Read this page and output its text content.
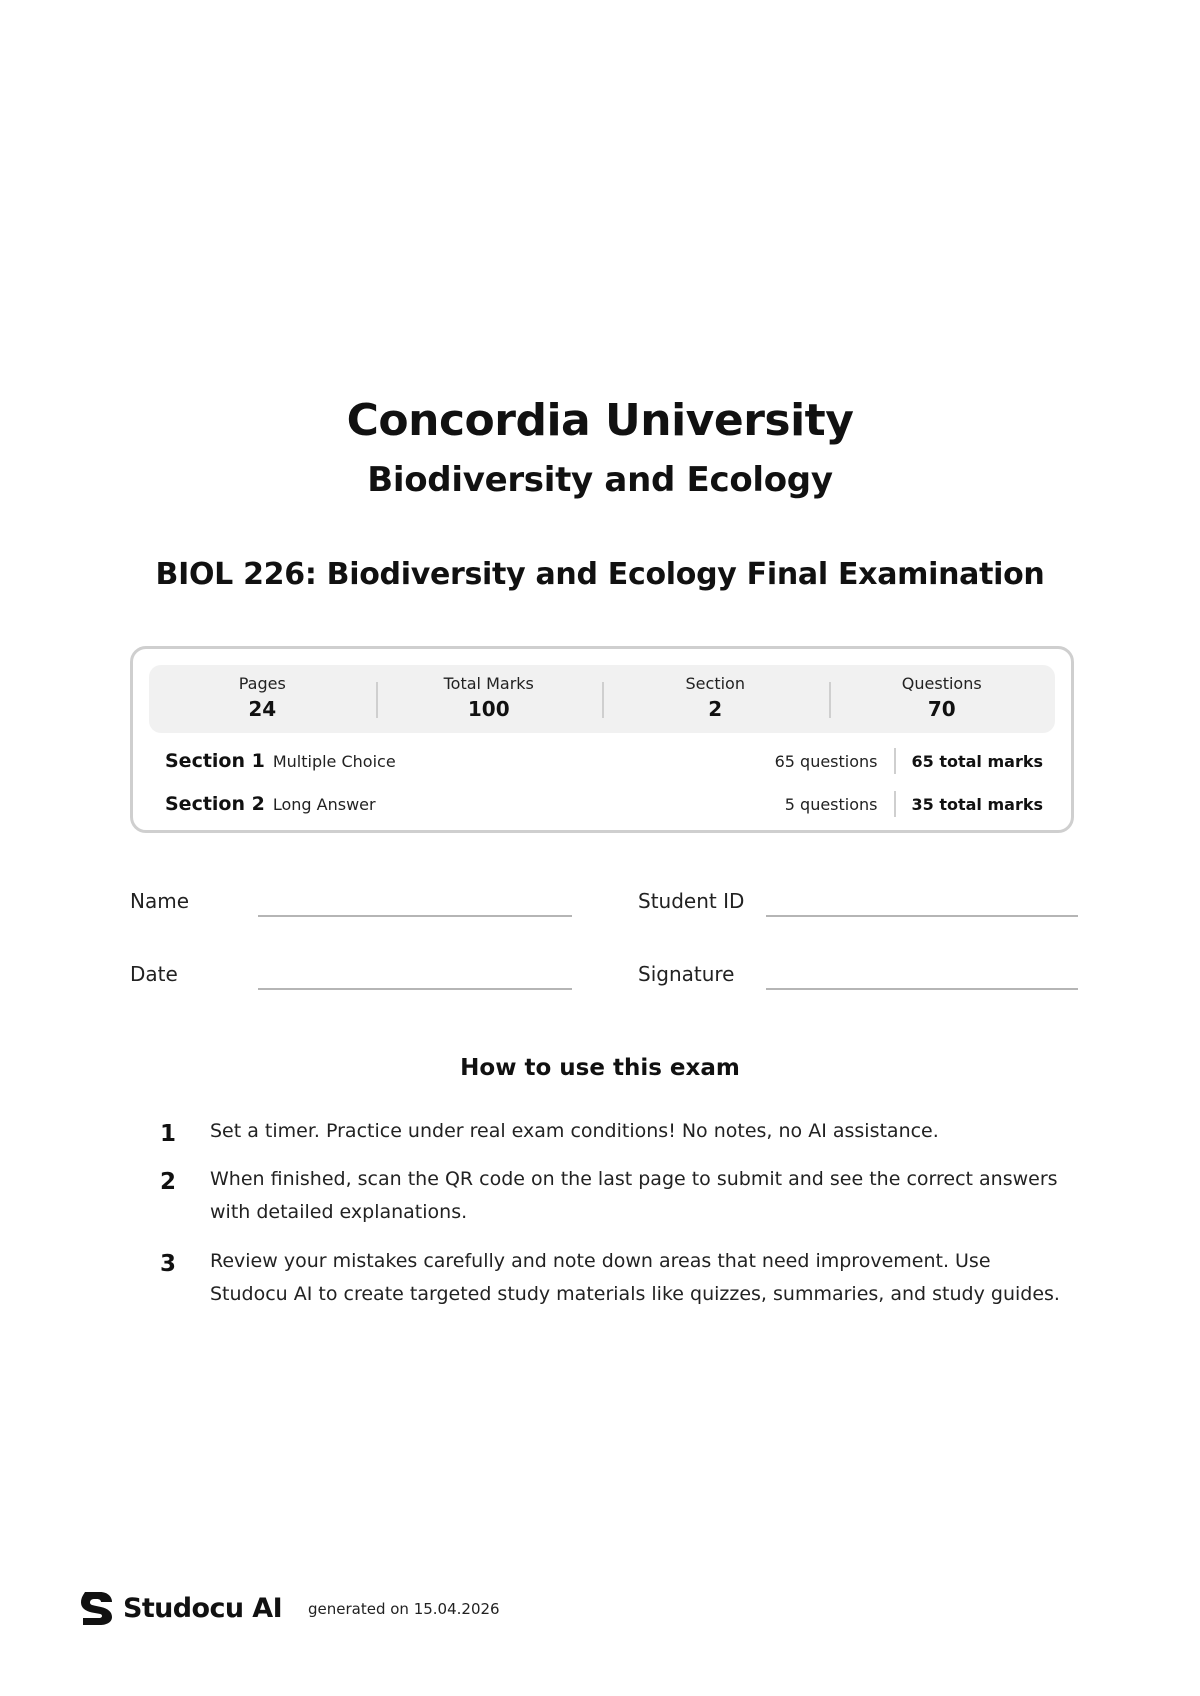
Concordia University
Biodiversity and Ecology
BIOL 226: Biodiversity and Ecology Final Examination
Pages
24
Total Marks
100
Section
2
Questions
70
Section 1 Multiple Choice	65 questions	65 total marks
Section 2 Long Answer	5 questions	35 total marks
Name	Student ID
Date	Signature
How to use this exam
1	Set a timer. Practice under real exam conditions! No notes, no AI assistance.
2	When finished, scan the QR code on the last page to submit and see the correct answers with detailed explanations.
3	Review your mistakes carefully and note down areas that need improvement. Use Studocu AI to create targeted study materials like quizzes, summaries, and study guides.
Studocu AI generated on 15.04.2026
